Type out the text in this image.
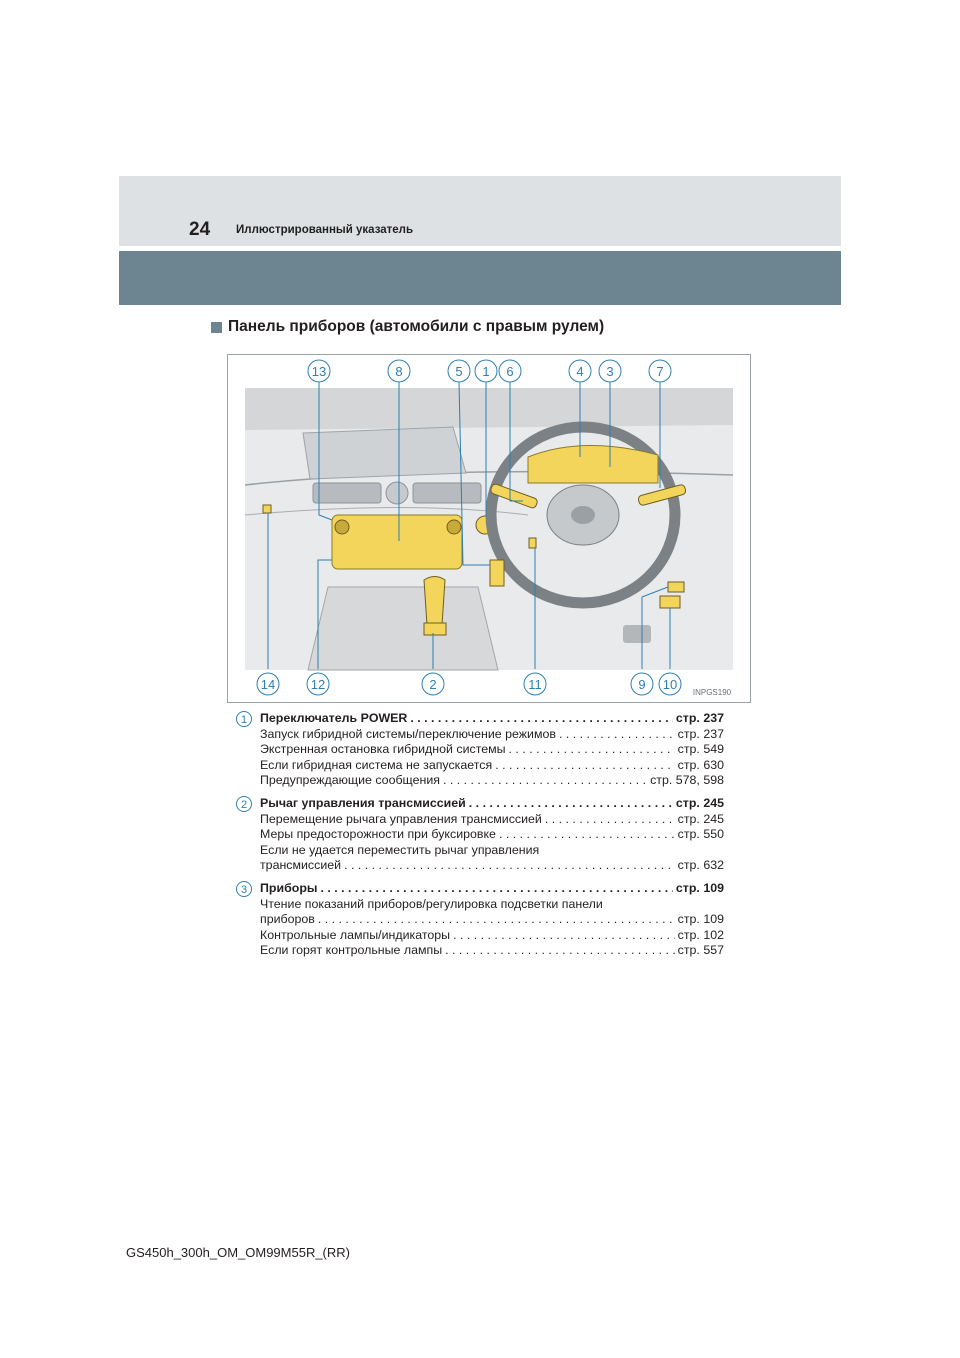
24 Иллюстрированный указатель
Панель приборов (автомобили с правым рулем)
13	8	5 1 6	4 3	7
14	12	2	11	9 10
INPGS190
1 Переключатель POWER . . .	стр. 237
Запуск гибридной системы/переключение режимов . . .	стр. 237
Экстренная остановка гибридной системы . . .	стр. 549
Если гибридная система не запускается . . .	стр. 630
Предупреждающие сообщения . . .	стр. 578, 598
2 Рычаг управления трансмиссией . . .	стр. 245
Перемещение рычага управления трансмиссией . . .	стр. 245
Меры предосторожности при буксировке . . .	стр. 550
Если не удается переместить рычаг управления
трансмиссией . . .	стр. 632
3 Приборы . . .	стр. 109
Чтение показаний приборов/регулировка подсветки панели
приборов . . .	стр. 109
Контрольные лампы/индикаторы . . .	стр. 102
Если горят контрольные лампы . . .	стр. 557
GS450h_300h_OM_OM99M55R_(RR)
